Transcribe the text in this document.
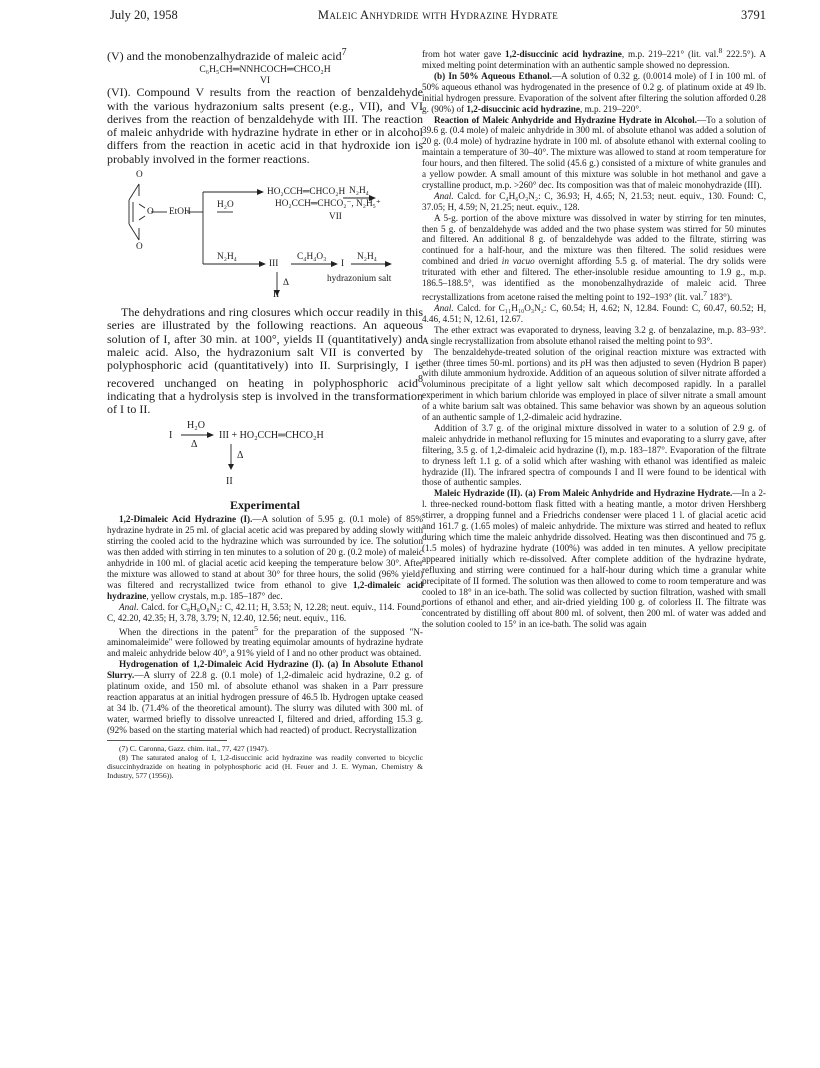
July 20, 1958	Maleic Anhydride with Hydrazine Hydrate	3791

(V) and the monobenzalhydrazide of maleic acid$^7$

C₆H₅CH═NNHCOCH═CHCO₂H
VI

(VI). Compound V results from the reaction of benzaldehyde with the various hydrazonium salts present (e.g., VII), and VI derives from the reaction of benzaldehyde with III. The reaction of maleic anhydride with hydrazine hydrate in ether or in alcohol differs from the reaction in acetic acid in that hydroxide ion is probably involved in the former reactions.

O
O
O
EtOH
H₂O
N₂H₄
HO₂CCH═CHCO₂H
HO₂CCH═CHCO₂⁻, N₂H₅⁺
VII
N₂H₄
III
C₄H₄O₃
I
N₂H₄
hydrazonium salt
Δ
II

The dehydrations and ring closures which occur readily in this series are illustrated by the following reactions. An aqueous solution of I, after 30 min. at 100°, yields II (quantitatively) and maleic acid. Also, the hydrazonium salt VII is converted by polyphosphoric acid (quantitatively) into II. Surprisingly, I is recovered unchanged on heating in polyphosphoric acid$^8$ indicating that a hydrolysis step is involved in the transformation of I to II.

I
H₂O
Δ
III + HO₂CCH═CHCO₂H
Δ
II
Experimental

1,2-Dimaleic Acid Hydrazine (I).—A solution of 5.95 g. (0.1 mole) of 85% hydrazine hydrate in 25 ml. of glacial acetic acid was prepared by adding slowly with stirring the cooled acid to the hydrazine which was surrounded by ice. The solution was then added with stirring in ten minutes to a solution of 20 g. (0.2 mole) of maleic anhydride in 100 ml. of glacial acetic acid keeping the temperature below 30°. After the mixture was allowed to stand at about 30° for three hours, the solid (96% yield) was filtered and recrystallized twice from ethanol to give 1,2-dimaleic acid hydrazine, yellow crystals, m.p. 185–187° dec.

Anal. Calcd. for C₈H₈O₈N₂: C, 42.11; H, 3.53; N, 12.28; neut. equiv., 114. Found: C, 42.20, 42.35; H, 3.78, 3.79; N, 12.40, 12.56; neut. equiv., 116.

When the directions in the patent$^5$ for the preparation of the supposed "N-aminomaleimide" were followed by treating equimolar amounts of hydrazine hydrate and maleic anhydride below 40°, a 91% yield of I and no other product was obtained.

Hydrogenation of 1,2-Dimaleic Acid Hydrazine (I). (a) In Absolute Ethanol Slurry.—A slurry of 22.8 g. (0.1 mole) of 1,2-dimaleic acid hydrazine, 0.2 g. of platinum oxide, and 150 ml. of absolute ethanol was shaken in a Parr pressure reaction apparatus at an initial hydrogen pressure of 46.5 lb. Hydrogen uptake ceased at 34 lb. (71.4% of the theoretical amount). The slurry was diluted with 300 ml. of water, warmed briefly to dissolve unreacted I, filtered and dried, affording 15.3 g. (92% based on the starting material which had reacted) of product. Recrystallization

(7) C. Caronna, Gazz. chim. ital., 77, 427 (1947).

(8) The saturated analog of I, 1,2-disuccinic acid hydrazine was readily converted to bicyclic disuccinhydrazide on heating in polyphosphoric acid (H. Feuer and J. E. Wyman, Chemistry & Industry, 577 (1956)).

from hot water gave 1,2-disuccinic acid hydrazine, m.p. 219–221° (lit. val.$^8$ 222.5°). A mixed melting point determination with an authentic sample showed no depression.

(b) In 50% Aqueous Ethanol.—A solution of 0.32 g. (0.0014 mole) of I in 100 ml. of 50% aqueous ethanol was hydrogenated in the presence of 0.2 g. of platinum oxide at 49 lb. initial hydrogen pressure. Evaporation of the solvent after filtering the solution afforded 0.28 g. (90%) of 1,2-disuccinic acid hydrazine, m.p. 219–220°.

Reaction of Maleic Anhydride and Hydrazine Hydrate in Alcohol.—To a solution of 39.6 g. (0.4 mole) of maleic anhydride in 300 ml. of absolute ethanol was added a solution of 20 g. (0.4 mole) of hydrazine hydrate in 100 ml. of absolute ethanol with external cooling to maintain a temperature of 30–40°. The mixture was allowed to stand at room temperature for four hours, and then filtered. The solid (45.6 g.) consisted of a mixture of white granules and a yellow powder. A small amount of this mixture was soluble in hot methanol and gave a crystalline product, m.p. >260° dec. Its composition was that of maleic monohydrazide (III).

Anal. Calcd. for C₄H₆O₃N₂: C, 36.93; H, 4.65; N, 21.53; neut. equiv., 130. Found: C, 37.05; H, 4.59; N, 21.25; neut. equiv., 128.

A 5-g. portion of the above mixture was dissolved in water by stirring for ten minutes, then 5 g. of benzaldehyde was added and the two phase system was stirred for 50 minutes and filtered. An additional 8 g. of benzaldehyde was added to the filtrate, stirring was continued for a half-hour, and the mixture was then filtered. The solid residues were combined and dried in vacuo overnight affording 5.5 g. of material. The dry solids were triturated with ether and filtered. The ether-insoluble residue amounting to 1.9 g., m.p. 186.5–188.5°, was identified as the monobenzalhydrazide of maleic acid. Three recrystallizations from acetone raised the melting point to 192–193° (lit. val.$^7$ 183°).

Anal. Calcd. for C₁₁H₁₀O₃N₂: C, 60.54; H, 4.62; N, 12.84. Found: C, 60.47, 60.52; H, 4.46, 4.51; N, 12.61, 12.67.

The ether extract was evaporated to dryness, leaving 3.2 g. of benzalazine, m.p. 83–93°. A single recrystallization from absolute ethanol raised the melting point to 93°.

The benzaldehyde-treated solution of the original reaction mixture was extracted with ether (three times 50-ml. portions) and its pH was then adjusted to seven (Hydrion B paper) with dilute ammonium hydroxide. Addition of an aqueous solution of silver nitrate afforded a voluminous precipitate of a light yellow salt which decomposed rapidly. In a parallel experiment in which barium chloride was employed in place of silver nitrate a small amount of a white barium salt was obtained. This same behavior was shown by an aqueous solution of an authentic sample of 1,2-dimaleic acid hydrazine.

Addition of 3.7 g. of the original mixture dissolved in water to a solution of 2.9 g. of maleic anhydride in methanol refluxing for 15 minutes and evaporating to a slurry gave, after filtering, 3.5 g. of 1,2-dimaleic acid hydrazine (I), m.p. 183–187°. Evaporation of the filtrate to dryness left 1.1 g. of a solid which after washing with ethanol was identified as maleic hydrazide (II). The infrared spectra of compounds I and II were found to be identical with those of authentic samples.

Maleic Hydrazide (II). (a) From Maleic Anhydride and Hydrazine Hydrate.—In a 2-l. three-necked round-bottom flask fitted with a heating mantle, a motor driven Hershberg stirrer, a dropping funnel and a Friedrichs condenser were placed 1 l. of glacial acetic acid and 161.7 g. (1.65 moles) of maleic anhydride. The mixture was stirred and heated to reflux during which time the maleic anhydride dissolved. Heating was then discontinued and 75 g. (1.5 moles) of hydrazine hydrate (100%) was added in ten minutes. A yellow precipitate appeared initially which re-dissolved. After complete addition of the hydrazine hydrate, refluxing and stirring were continued for a half-hour during which time a granular white precipitate of II formed. The solution was then allowed to come to room temperature and was cooled to 18° in an ice-bath. The solid was collected by suction filtration, washed with small portions of ethanol and ether, and air-dried yielding 100 g. of colorless II. The filtrate was concentrated by distilling off about 800 ml. of solvent, then 200 ml. of water was added and the solution cooled to 15° in an ice-bath. The solid was again
